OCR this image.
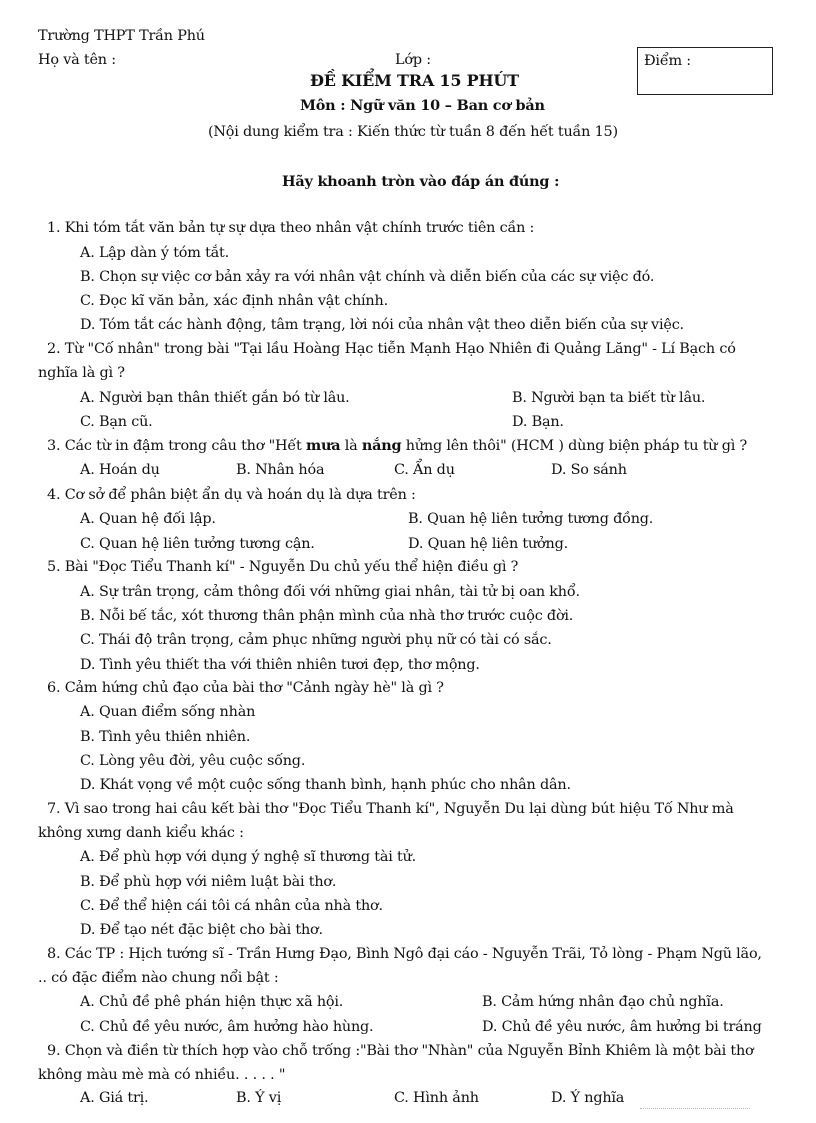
Trường THPT Trần Phú
Họ và tên :	Lớp :	Điểm :
ĐỀ KIỂM TRA 15 PHÚT
Môn : Ngữ văn 10 – Ban cơ bản
(Nội dung kiểm tra : Kiến thức từ tuần 8 đến hết tuần 15)
Hãy khoanh tròn vào đáp án đúng :
1. Khi tóm tắt văn bản tự sự dựa theo nhân vật chính trước tiên cần :
A. Lập dàn ý tóm tắt.
B. Chọn sự việc cơ bản xảy ra với nhân vật chính và diễn biến của các sự việc đó.
C. Đọc kĩ văn bản, xác định nhân vật chính.
D. Tóm tắt các hành động, tâm trạng, lời nói của nhân vật theo diễn biến của sự việc.
2. Từ "Cố nhân" trong bài "Tại lầu Hoàng Hạc tiễn Mạnh Hạo Nhiên đi Quảng Lăng" - Lí Bạch có
nghĩa là gì ?
A. Người bạn thân thiết gắn bó từ lâu.	B. Người bạn ta biết từ lâu.
C. Bạn cũ.	D. Bạn.
3. Các từ in đậm trong câu thơ "Hết mưa là nắng hửng lên thôi" (HCM ) dùng biện pháp tu từ gì ?
A. Hoán dụ	B. Nhân hóa	C. Ẩn dụ	D. So sánh
4. Cơ sở để phân biệt ẩn dụ và hoán dụ là dựa trên :
A. Quan hệ đối lập.	B. Quan hệ liên tưởng tương đồng.
C. Quan hệ liên tưởng tương cận.	D. Quan hệ liên tưởng.
5. Bài "Đọc Tiểu Thanh kí" - Nguyễn Du chủ yếu thể hiện điều gì ?
A. Sự trân trọng, cảm thông đối với những giai nhân, tài tử bị oan khổ.
B. Nỗi bế tắc, xót thương thân phận mình của nhà thơ trước cuộc đời.
C. Thái độ trân trọng, cảm phục những người phụ nữ có tài có sắc.
D. Tình yêu thiết tha với thiên nhiên tươi đẹp, thơ mộng.
6. Cảm hứng chủ đạo của bài thơ "Cảnh ngày hè" là gì ?
A. Quan điểm sống nhàn
B. Tình yêu thiên nhiên.
C. Lòng yêu đời, yêu cuộc sống.
D. Khát vọng về một cuộc sống thanh bình, hạnh phúc cho nhân dân.
7. Vì sao trong hai câu kết bài thơ "Đọc Tiểu Thanh kí", Nguyễn Du lại dùng bút hiệu Tố Như mà
không xưng danh kiểu khác :
A. Để phù hợp với dụng ý nghệ sĩ thương tài tử.
B. Để phù hợp với niêm luật bài thơ.
C. Để thể hiện cái tôi cá nhân của nhà thơ.
D. Để tạo nét đặc biệt cho bài thơ.
8. Các TP : Hịch tướng sĩ - Trần Hưng Đạo, Bình Ngô đại cáo - Nguyễn Trãi, Tỏ lòng - Phạm Ngũ lão,
.. có đặc điểm nào chung nổi bật :
A. Chủ đề phê phán hiện thực xã hội.	B. Cảm hứng nhân đạo chủ nghĩa.
C. Chủ đề yêu nước, âm hưởng hào hùng.	D. Chủ đề yêu nước, âm hưởng bi tráng
9. Chọn và điền từ thích hợp vào chỗ trống :"Bài thơ "Nhàn" của Nguyễn Bỉnh Khiêm là một bài thơ
không màu mè mà có nhiều. . . . . "
A. Giá trị.	B. Ý vị	C. Hình ảnh	D. Ý nghĩa
